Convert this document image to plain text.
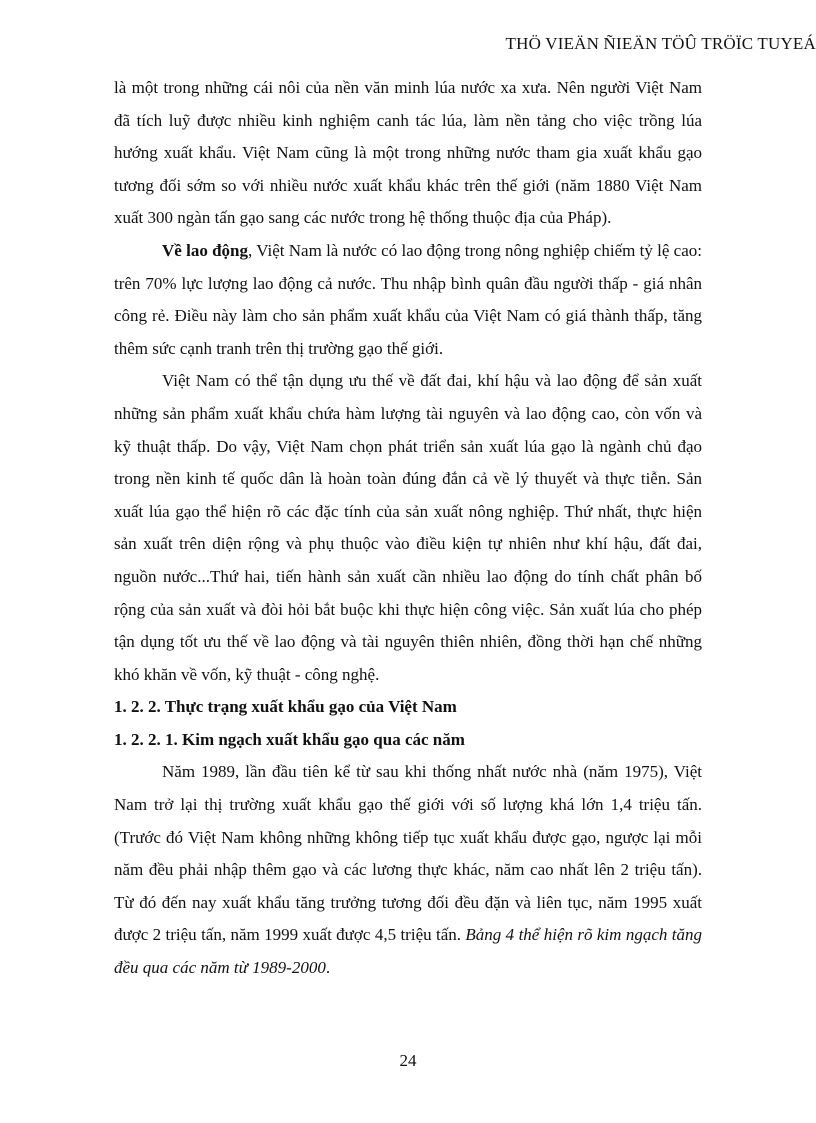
THÖ VIEÄN ÑIEÄN TÖÛ TRÖÏC TUYEÁ

là một trong những cái nôi của nền văn minh lúa nước xa xưa. Nên người Việt Nam đã tích luỹ được nhiều kinh nghiệm canh tác lúa, làm nền tảng cho việc trồng lúa hướng xuất khẩu. Việt Nam cũng là một trong những nước tham gia xuất khẩu gạo tương đối sớm so với nhiều nước xuất khẩu khác trên thế giới (năm 1880 Việt Nam xuất 300 ngàn tấn gạo sang các nước trong hệ thống thuộc địa của Pháp).

Về lao động, Việt Nam là nước có lao động trong nông nghiệp chiếm tỷ lệ cao: trên 70% lực lượng lao động cả nước. Thu nhập bình quân đầu người thấp - giá nhân công rẻ. Điều này làm cho sản phẩm xuất khẩu của Việt Nam có giá thành thấp, tăng thêm sức cạnh tranh trên thị trường gạo thế giới.

Việt Nam có thể tận dụng ưu thế về đất đai, khí hậu và lao động để sản xuất những sản phẩm xuất khẩu chứa hàm lượng tài nguyên và lao động cao, còn vốn và kỹ thuật thấp. Do vậy, Việt Nam chọn phát triển sản xuất lúa gạo là ngành chủ đạo trong nền kinh tế quốc dân là hoàn toàn đúng đắn cả về lý thuyết và thực tiễn. Sản xuất lúa gạo thể hiện rõ các đặc tính của sản xuất nông nghiệp. Thứ nhất, thực hiện sản xuất trên diện rộng và phụ thuộc vào điều kiện tự nhiên như khí hậu, đất đai, nguồn nước...Thứ hai, tiến hành sản xuất cần nhiều lao động do tính chất phân bố rộng của sản xuất và đòi hỏi bắt buộc khi thực hiện công việc. Sản xuất lúa cho phép tận dụng tốt ưu thế về lao động và tài nguyên thiên nhiên, đồng thời hạn chế những khó khăn về vốn, kỹ thuật - công nghệ.

1. 2. 2. Thực trạng xuất khẩu gạo của Việt Nam
1. 2. 2. 1. Kim ngạch xuất khẩu gạo qua các năm

Năm 1989, lần đầu tiên kể từ sau khi thống nhất nước nhà (năm 1975), Việt Nam trở lại thị trường xuất khẩu gạo thế giới với số lượng khá lớn 1,4 triệu tấn. (Trước đó Việt Nam không những không tiếp tục xuất khẩu được gạo, ngược lại mỗi năm đều phải nhập thêm gạo và các lương thực khác, năm cao nhất lên 2 triệu tấn). Từ đó đến nay xuất khẩu tăng trưởng tương đối đều đặn và liên tục, năm 1995 xuất được 2 triệu tấn, năm 1999 xuất được 4,5 triệu tấn. Bảng 4 thể hiện rõ kim ngạch tăng đều qua các năm từ 1989-2000.

24
